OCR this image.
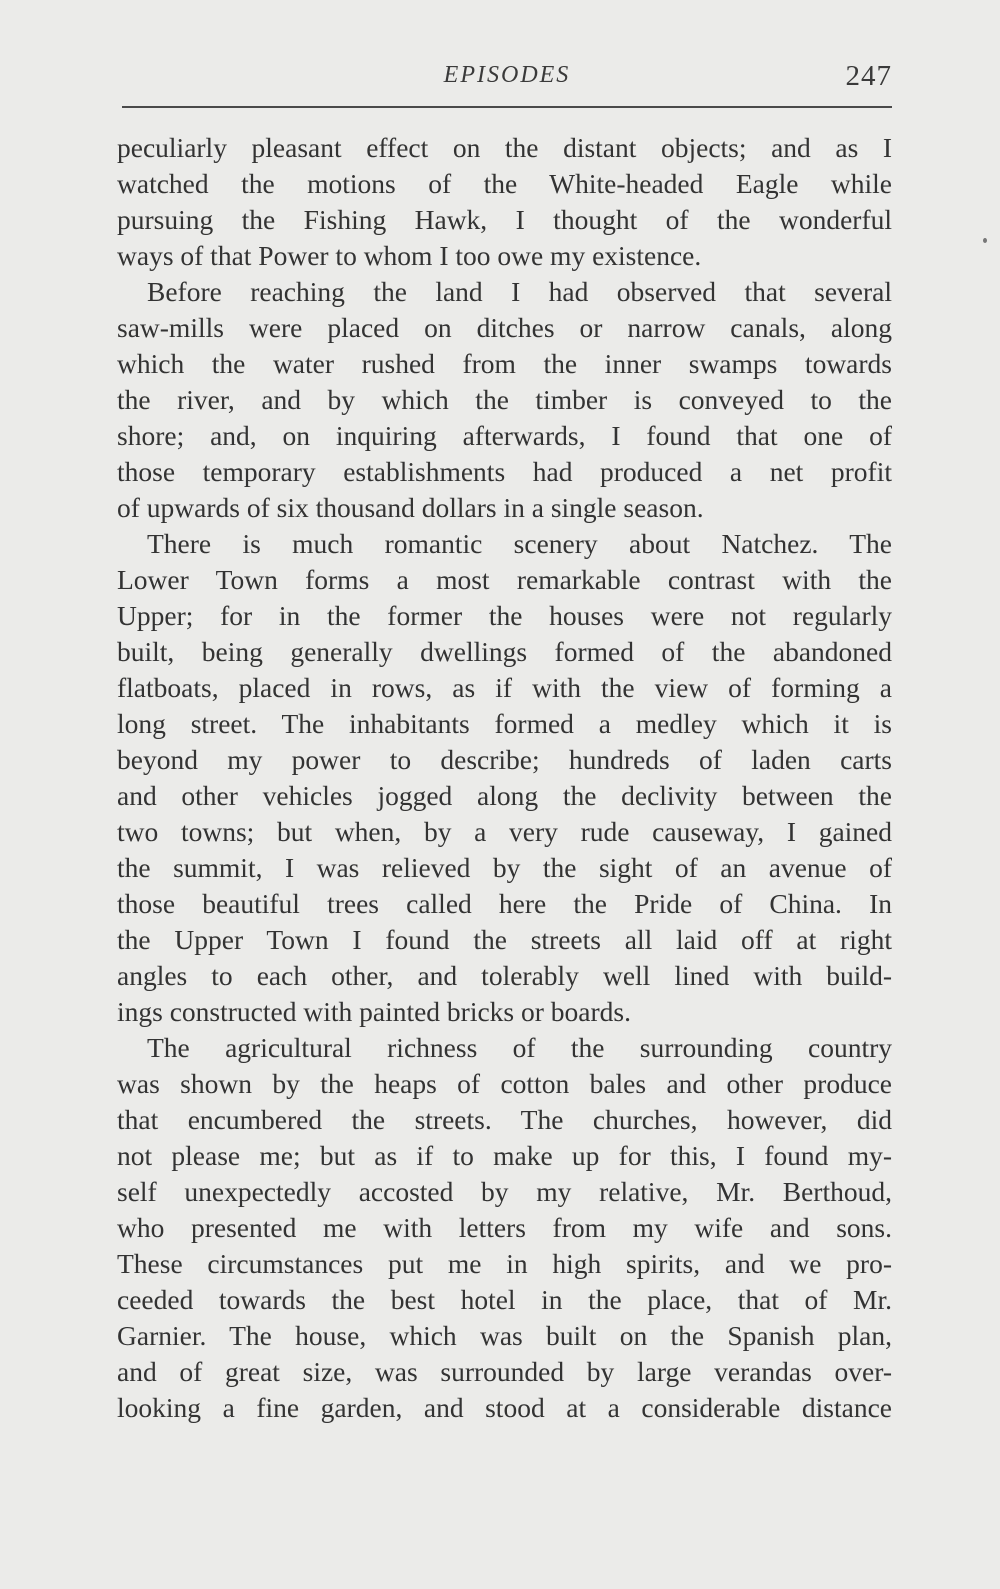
EPISODES	247
peculiarly pleasant effect on the distant objects; and as I
watched the motions of the White-headed Eagle while
pursuing the Fishing Hawk, I thought of the wonderful
ways of that Power to whom I too owe my existence.
Before reaching the land I had observed that several
saw-mills were placed on ditches or narrow canals, along
which the water rushed from the inner swamps towards
the river, and by which the timber is conveyed to the
shore; and, on inquiring afterwards, I found that one of
those temporary establishments had produced a net profit
of upwards of six thousand dollars in a single season.
There is much romantic scenery about Natchez. The
Lower Town forms a most remarkable contrast with the
Upper; for in the former the houses were not regularly
built, being generally dwellings formed of the abandoned
flatboats, placed in rows, as if with the view of forming a
long street. The inhabitants formed a medley which it is
beyond my power to describe; hundreds of laden carts
and other vehicles jogged along the declivity between the
two towns; but when, by a very rude causeway, I gained
the summit, I was relieved by the sight of an avenue of
those beautiful trees called here the Pride of China. In
the Upper Town I found the streets all laid off at right
angles to each other, and tolerably well lined with build-
ings constructed with painted bricks or boards.
The agricultural richness of the surrounding country
was shown by the heaps of cotton bales and other produce
that encumbered the streets. The churches, however, did
not please me; but as if to make up for this, I found my-
self unexpectedly accosted by my relative, Mr. Berthoud,
who presented me with letters from my wife and sons.
These circumstances put me in high spirits, and we pro-
ceeded towards the best hotel in the place, that of Mr.
Garnier. The house, which was built on the Spanish plan,
and of great size, was surrounded by large verandas over-
looking a fine garden, and stood at a considerable distance
